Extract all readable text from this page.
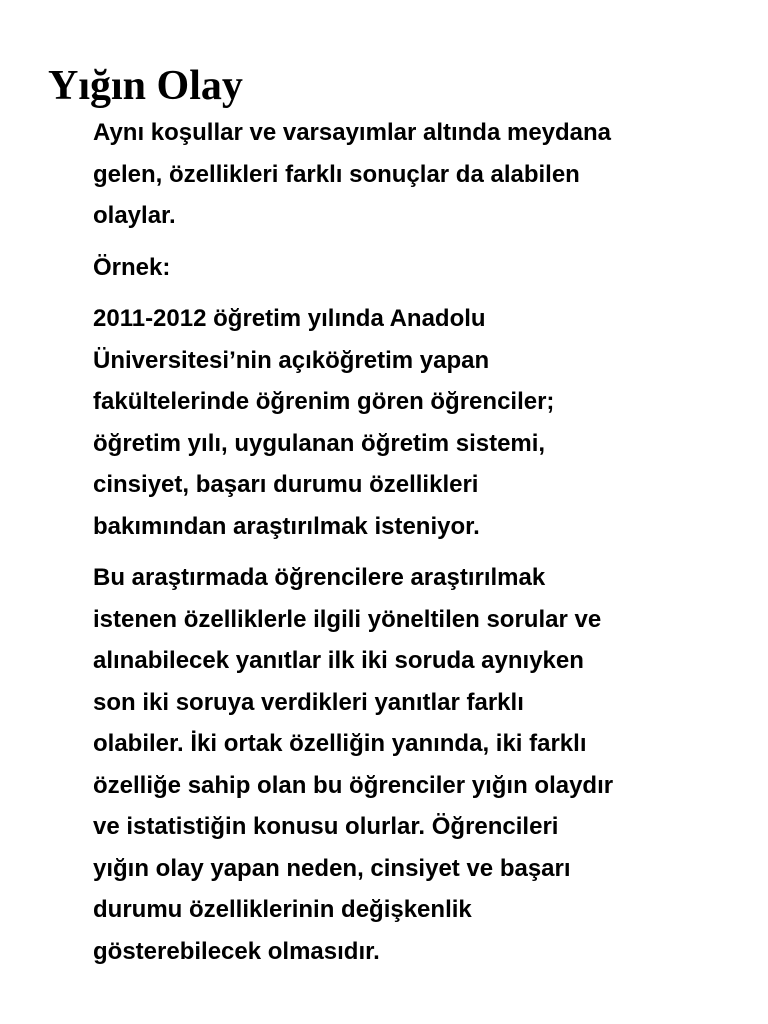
Yığın Olay

Aynı koşullar ve varsayımlar altında meydana
gelen, özellikleri farklı sonuçlar da alabilen
olaylar.

Örnek:

2011-2012 öğretim yılında Anadolu
Üniversitesi’nin açıköğretim yapan
fakültelerinde öğrenim gören öğrenciler;
öğretim yılı, uygulanan öğretim sistemi,
cinsiyet, başarı durumu özellikleri
bakımından araştırılmak isteniyor.

Bu araştırmada öğrencilere araştırılmak
istenen özelliklerle ilgili yöneltilen sorular ve
alınabilecek yanıtlar ilk iki soruda aynıyken
son iki soruya verdikleri yanıtlar farklı
olabiler. İki ortak özelliğin yanında, iki farklı
özelliğe sahip olan bu öğrenciler yığın olaydır
ve istatistiğin konusu olurlar. Öğrencileri
yığın olay yapan neden, cinsiyet ve başarı
durumu özelliklerinin değişkenlik
gösterebilecek olmasıdır.
